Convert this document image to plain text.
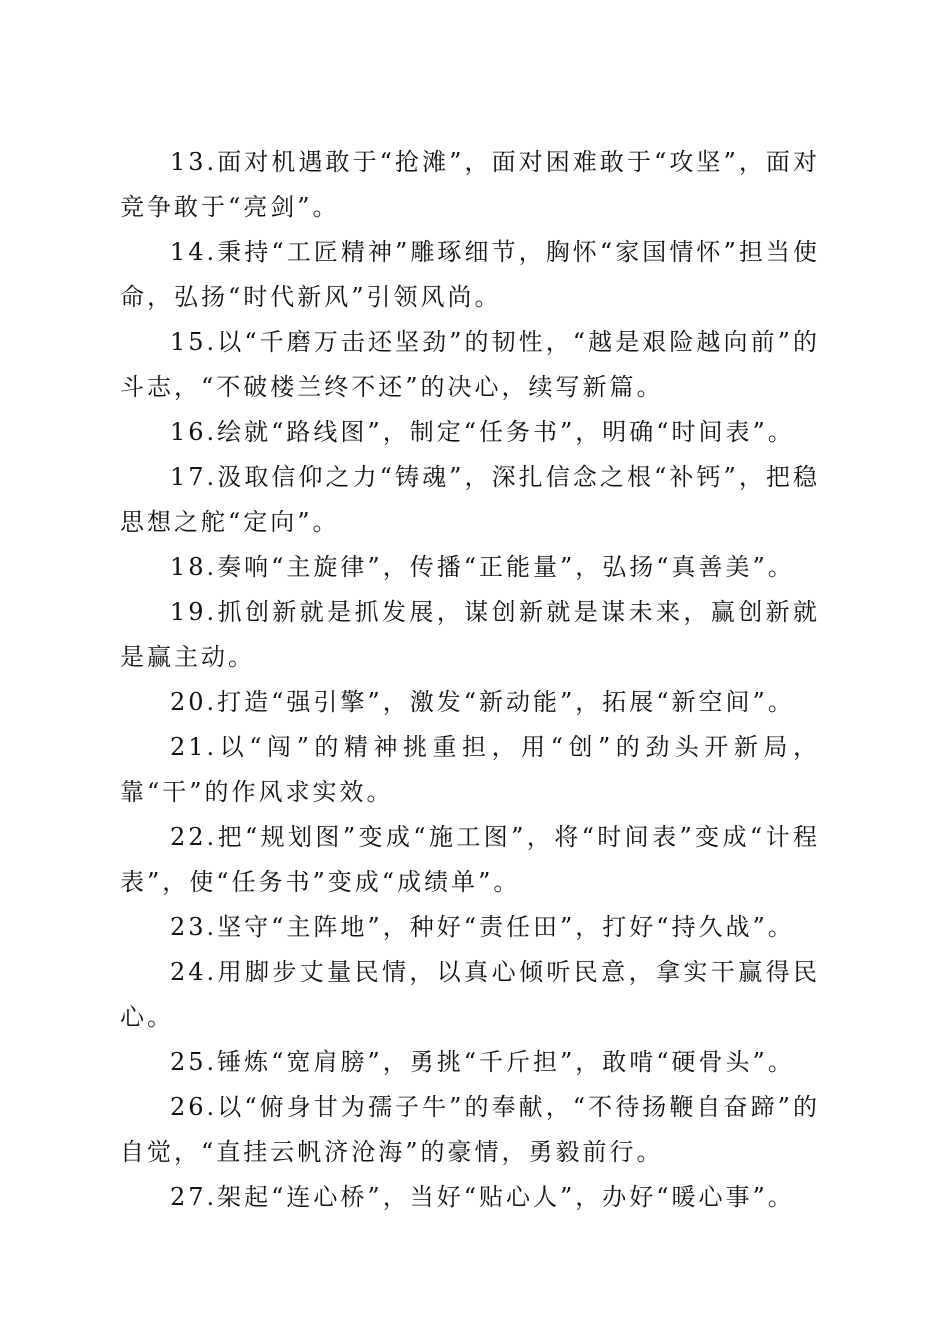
13.面对机遇敢于“抢滩”，面对困难敢于“攻坚”，面对竞争敢于“亮剑”。

14.秉持“工匠精神”雕琢细节，胸怀“家国情怀”担当使命，弘扬“时代新风”引领风尚。

15.以“千磨万击还坚劲”的韧性，“越是艰险越向前”的斗志，“不破楼兰终不还”的决心，续写新篇。

16.绘就“路线图”，制定“任务书”，明确“时间表”。

17.汲取信仰之力“铸魂”，深扎信念之根“补钙”，把稳思想之舵“定向”。

18.奏响“主旋律”，传播“正能量”，弘扬“真善美”。

19.抓创新就是抓发展，谋创新就是谋未来，赢创新就是赢主动。

20.打造“强引擎”，激发“新动能”，拓展“新空间”。

21.以“闯”的精神挑重担，用“创”的劲头开新局，靠“干”的作风求实效。

22.把“规划图”变成“施工图”，将“时间表”变成“计程表”，使“任务书”变成“成绩单”。

23.坚守“主阵地”，种好“责任田”，打好“持久战”。

24.用脚步丈量民情，以真心倾听民意，拿实干赢得民心。

25.锤炼“宽肩膀”，勇挑“千斤担”，敢啃“硬骨头”。

26.以“俯身甘为孺子牛”的奉献，“不待扬鞭自奋蹄”的自觉，“直挂云帆济沧海”的豪情，勇毅前行。

27.架起“连心桥”，当好“贴心人”，办好“暖心事”。
